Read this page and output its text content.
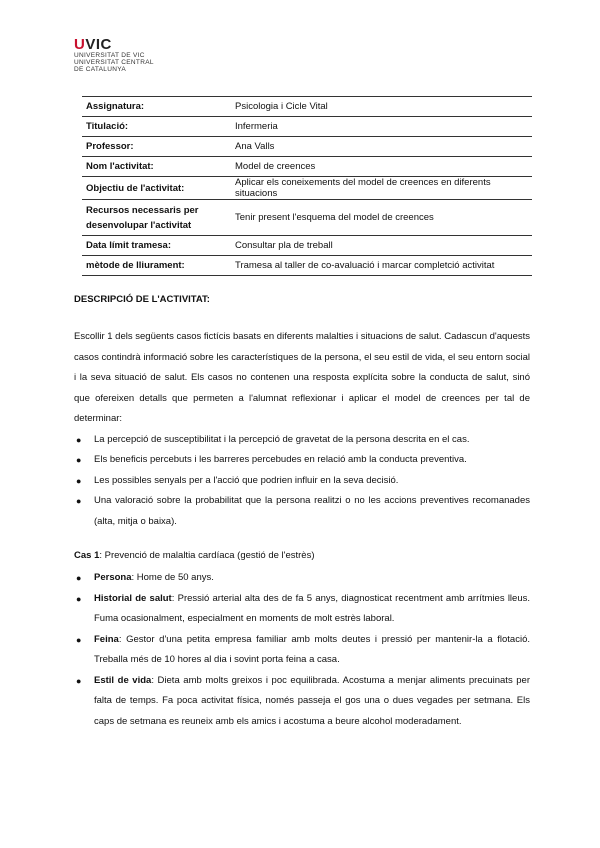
UVIC
UNIVERSITAT DE VIC
UNIVERSITAT CENTRAL
DE CATALUNYA
Assignatura:	Psicologia i Cicle Vital
Titulació:	Infermeria
Professor:	Ana Valls
Nom l'activitat:	Model de creences
Objectiu de l'activitat:	Aplicar els coneixements del model de creences en diferents situacions
Recursos necessaris per desenvolupar l'activitat	Tenir present l'esquema del model de creences
Data límit tramesa:	Consultar pla de treball
mètode de lliurament:	Tramesa al taller de co-avaluació i marcar completció activitat

DESCRIPCIÓ DE L'ACTIVITAT:

Escollir 1 dels següents casos fictícis basats en diferents malalties i situacions de salut. Cadascun d'aquests casos contindrà informació sobre les característiques de la persona, el seu estil de vida, el seu entorn social i la seva situació de salut. Els casos no contenen una resposta explícita sobre la conducta de salut, sinó que ofereixen detalls que permeten a l'alumnat reflexionar i aplicar el model de creences per tal de determinar:

● La percepció de susceptibilitat i la percepció de gravetat de la persona descrita en el cas.
● Els beneficis percebuts i les barreres percebudes en relació amb la conducta preventiva.
● Les possibles senyals per a l'acció que podrien influir en la seva decisió.
● Una valoració sobre la probabilitat que la persona realitzi o no les accions preventives recomanades (alta, mitja o baixa).

Cas 1: Prevenció de malaltia cardíaca (gestió de l'estrès)

● Persona: Home de 50 anys.
● Historial de salut: Pressió arterial alta des de fa 5 anys, diagnosticat recentment amb arrítmies lleus. Fuma ocasionalment, especialment en moments de molt estrès laboral.
● Feina: Gestor d'una petita empresa familiar amb molts deutes i pressió per mantenir-la a flotació. Treballa més de 10 hores al dia i sovint porta feina a casa.
● Estil de vida: Dieta amb molts greixos i poc equilibrada. Acostuma a menjar aliments precuinats per falta de temps. Fa poca activitat física, només passeja el gos una o dues vegades per setmana. Els caps de setmana es reuneix amb els amics i acostuma a beure alcohol moderadament.
